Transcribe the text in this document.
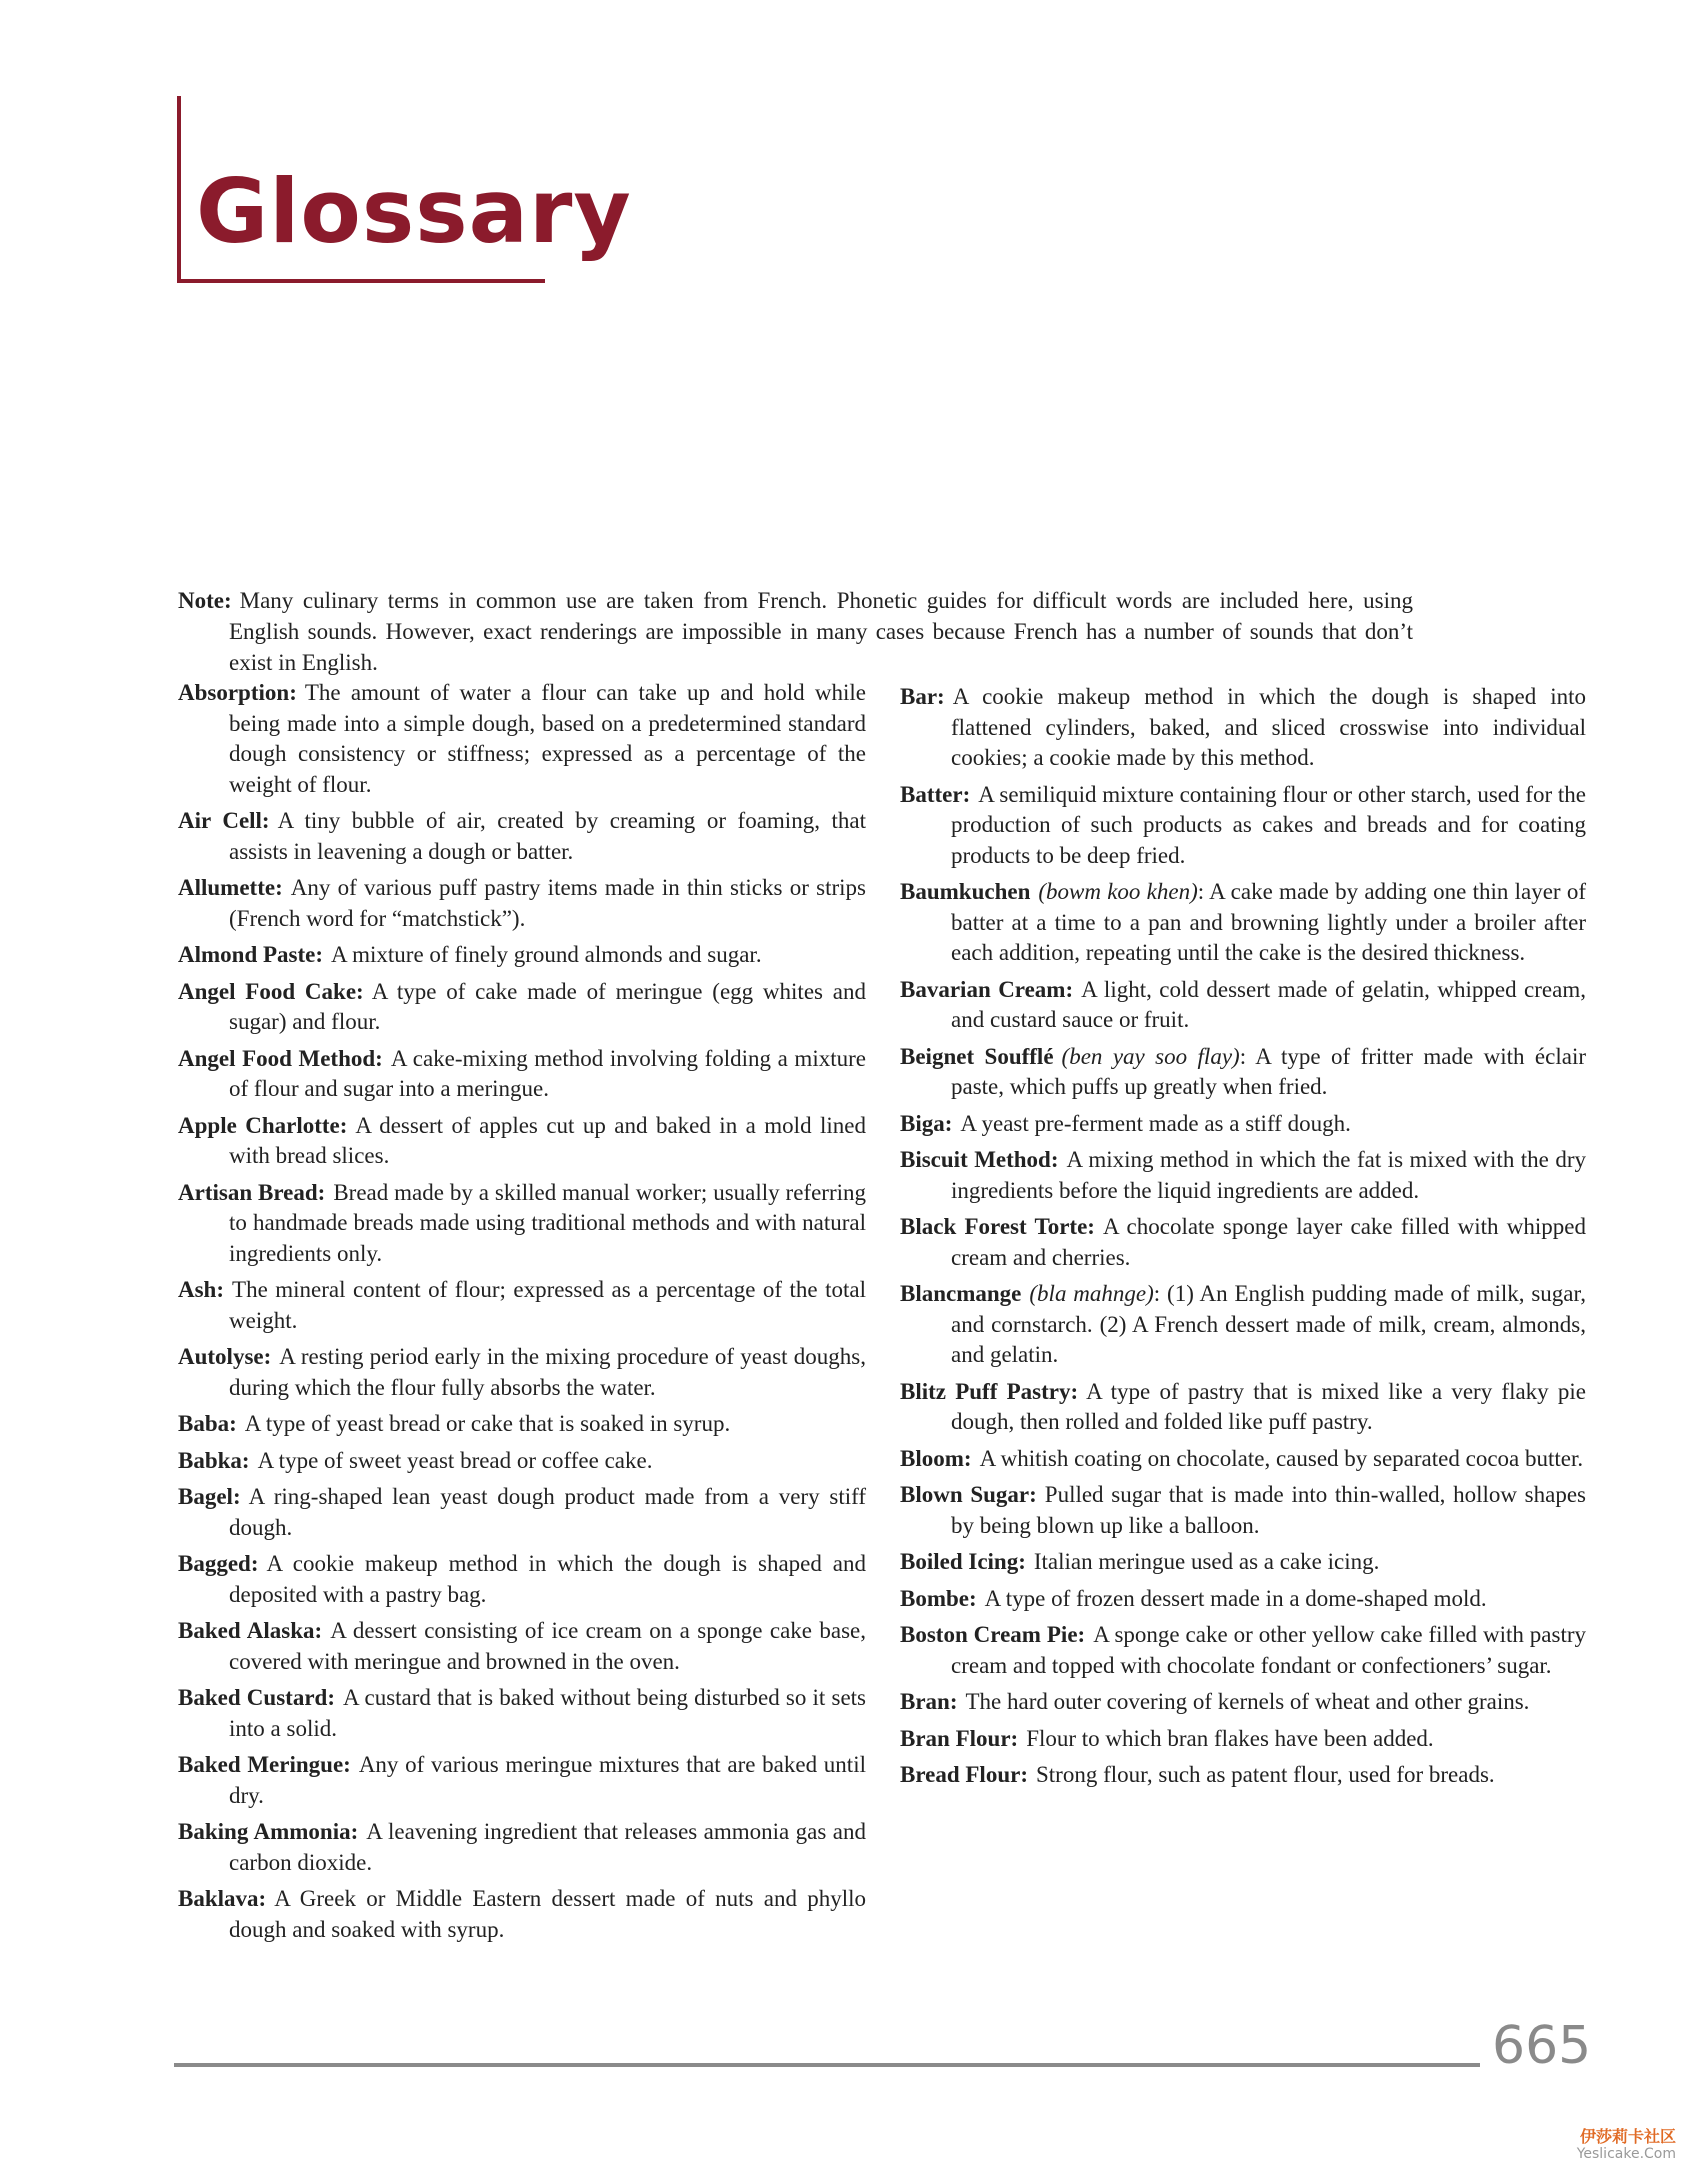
Glossary

Note: Many culinary terms in common use are taken from French. Phonetic guides for difficult words are included here, using English sounds. However, exact renderings are impossible in many cases because French has a number of sounds that don’t exist in English.

Absorption: The amount of water a flour can take up and hold while being made into a simple dough, based on a predetermined standard dough consistency or stiffness; expressed as a percentage of the weight of flour.

Air Cell: A tiny bubble of air, created by creaming or foaming, that assists in leavening a dough or batter.

Allumette: Any of various puff pastry items made in thin sticks or strips (French word for “matchstick”).

Almond Paste: A mixture of finely ground almonds and sugar.

Angel Food Cake: A type of cake made of meringue (egg whites and sugar) and flour.

Angel Food Method: A cake-mixing method involving folding a mixture of flour and sugar into a meringue.

Apple Charlotte: A dessert of apples cut up and baked in a mold lined with bread slices.

Artisan Bread: Bread made by a skilled manual worker; usually referring to handmade breads made using traditional methods and with natural ingredients only.

Ash: The mineral content of flour; expressed as a percentage of the total weight.

Autolyse: A resting period early in the mixing procedure of yeast doughs, during which the flour fully absorbs the water.

Baba: A type of yeast bread or cake that is soaked in syrup.

Babka: A type of sweet yeast bread or coffee cake.

Bagel: A ring-shaped lean yeast dough product made from a very stiff dough.

Bagged: A cookie makeup method in which the dough is shaped and deposited with a pastry bag.

Baked Alaska: A dessert consisting of ice cream on a sponge cake base, covered with meringue and browned in the oven.

Baked Custard: A custard that is baked without being disturbed so it sets into a solid.

Baked Meringue: Any of various meringue mixtures that are baked until dry.

Baking Ammonia: A leavening ingredient that releases ammonia gas and carbon dioxide.

Baklava: A Greek or Middle Eastern dessert made of nuts and phyllo dough and soaked with syrup.

Bar: A cookie makeup method in which the dough is shaped into flattened cylinders, baked, and sliced crosswise into individual cookies; a cookie made by this method.

Batter: A semiliquid mixture containing flour or other starch, used for the production of such products as cakes and breads and for coating products to be deep fried.

Baumkuchen (bowm koo khen): A cake made by adding one thin layer of batter at a time to a pan and browning lightly under a broiler after each addition, repeating until the cake is the desired thickness.

Bavarian Cream: A light, cold dessert made of gelatin, whipped cream, and custard sauce or fruit.

Beignet Soufflé (ben yay soo flay): A type of fritter made with éclair paste, which puffs up greatly when fried.

Biga: A yeast pre-ferment made as a stiff dough.

Biscuit Method: A mixing method in which the fat is mixed with the dry ingredients before the liquid ingredients are added.

Black Forest Torte: A chocolate sponge layer cake filled with whipped cream and cherries.

Blancmange (bla mahnge): (1) An English pudding made of milk, sugar, and cornstarch. (2) A French dessert made of milk, cream, almonds, and gelatin.

Blitz Puff Pastry: A type of pastry that is mixed like a very flaky pie dough, then rolled and folded like puff pastry.

Bloom: A whitish coating on chocolate, caused by separated cocoa butter.

Blown Sugar: Pulled sugar that is made into thin-walled, hollow shapes by being blown up like a balloon.

Boiled Icing: Italian meringue used as a cake icing.

Bombe: A type of frozen dessert made in a dome-shaped mold.

Boston Cream Pie: A sponge cake or other yellow cake filled with pastry cream and topped with chocolate fondant or confectioners’ sugar.

Bran: The hard outer covering of kernels of wheat and other grains.

Bran Flour: Flour to which bran flakes have been added.

Bread Flour: Strong flour, such as patent flour, used for breads.

665
伊莎莉卡社区
Yeslicake.Com
